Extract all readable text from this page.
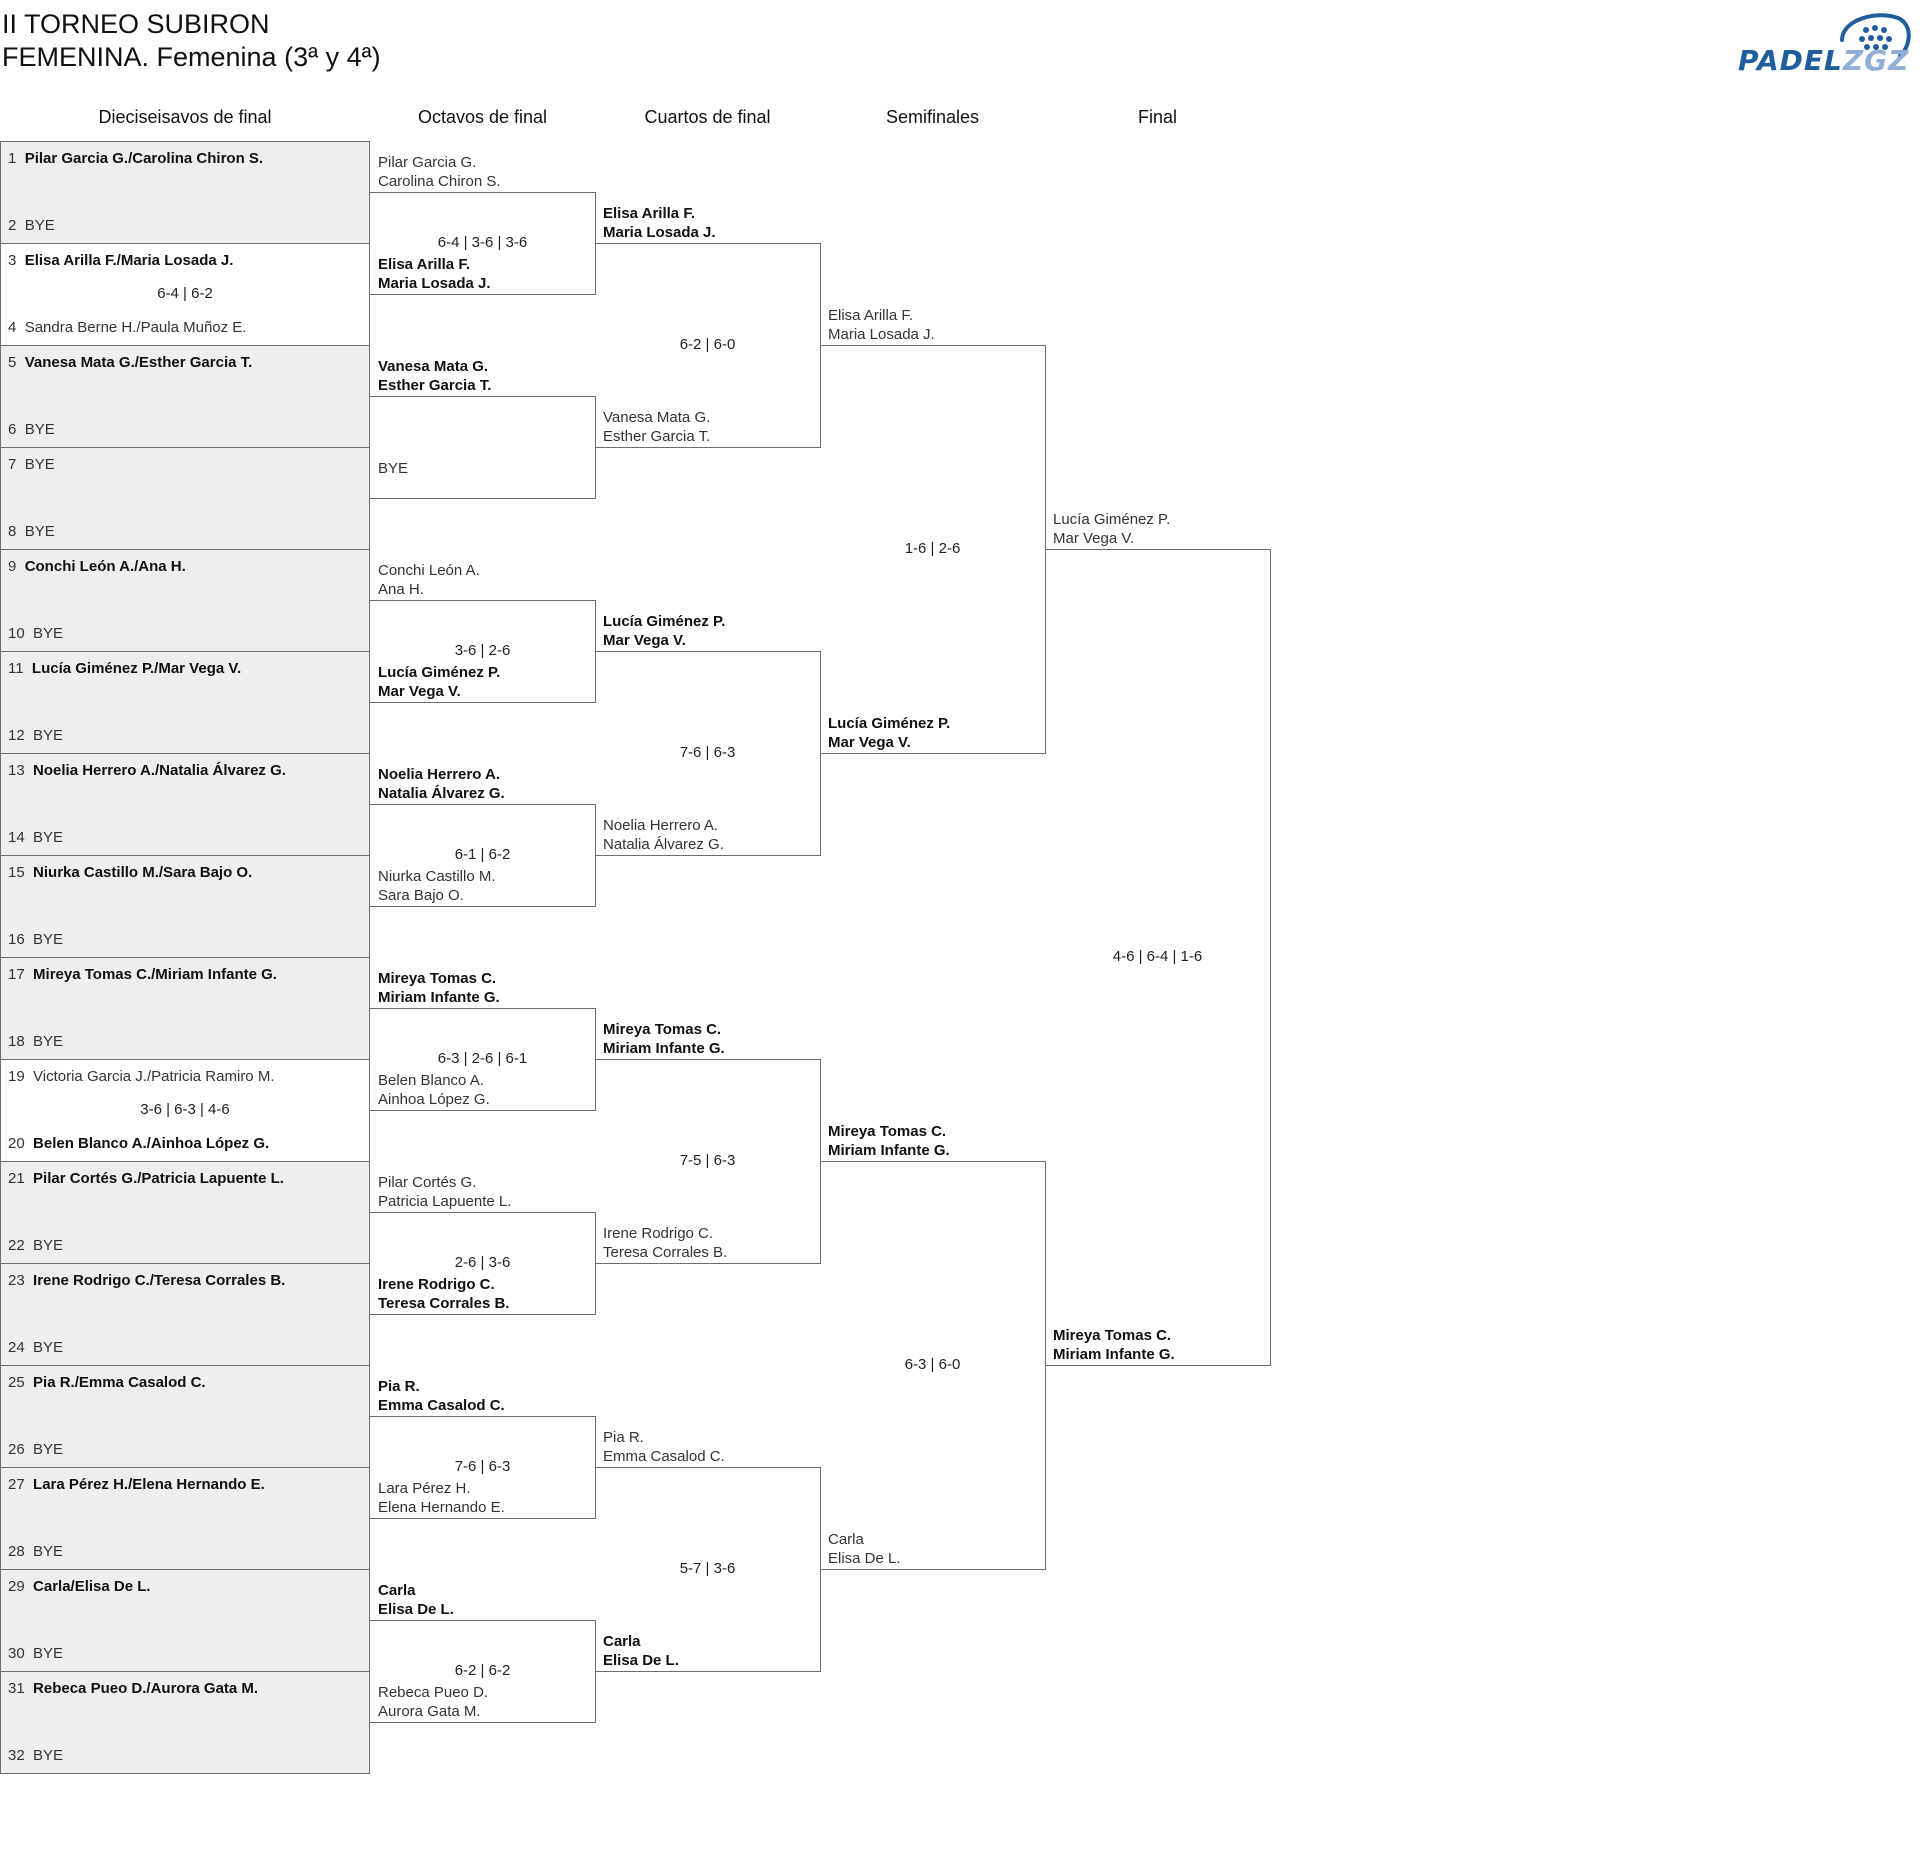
II TORNEO SUBIRON
FEMENINA. Femenina (3ª y 4ª)	PADELZGZ
Dieciseisavos de final	Octavos de final	Cuartos de final	Semifinales	Final
1  Pilar Garcia G./Carolina Chiron S.
2  BYE
3  Elisa Arilla F./Maria Losada J.
4  Sandra Berne H./Paula Muñoz E.
6-4 | 6-2
5  Vanesa Mata G./Esther Garcia T.
6  BYE
7  BYE
8  BYE
9  Conchi León A./Ana H.
10  BYE
11  Lucía Giménez P./Mar Vega V.
12  BYE
13  Noelia Herrero A./Natalia Álvarez G.
14  BYE
15  Niurka Castillo M./Sara Bajo O.
16  BYE
17  Mireya Tomas C./Miriam Infante G.
18  BYE
19  Victoria Garcia J./Patricia Ramiro M.
20  Belen Blanco A./Ainhoa López G.
3-6 | 6-3 | 4-6
21  Pilar Cortés G./Patricia Lapuente L.
22  BYE
23  Irene Rodrigo C./Teresa Corrales B.
24  BYE
25  Pia R./Emma Casalod C.
26  BYE
27  Lara Pérez H./Elena Hernando E.
28  BYE
29  Carla/Elisa De L.
30  BYE
31  Rebeca Pueo D./Aurora Gata M.
32  BYE
Pilar Garcia G.
Carolina Chiron S.
6-4 | 3-6 | 3-6
Elisa Arilla F.
Maria Losada J.
Vanesa Mata G.
Esther Garcia T.
BYE
Conchi León A.
Ana H.
3-6 | 2-6
Lucía Giménez P.
Mar Vega V.
Noelia Herrero A.
Natalia Álvarez G.
6-1 | 6-2
Niurka Castillo M.
Sara Bajo O.
Mireya Tomas C.
Miriam Infante G.
6-3 | 2-6 | 6-1
Belen Blanco A.
Ainhoa López G.
Pilar Cortés G.
Patricia Lapuente L.
2-6 | 3-6
Irene Rodrigo C.
Teresa Corrales B.
Pia R.
Emma Casalod C.
7-6 | 6-3
Lara Pérez H.
Elena Hernando E.
Carla
Elisa De L.
6-2 | 6-2
Rebeca Pueo D.
Aurora Gata M.
Elisa Arilla F.
Maria Losada J.
6-2 | 6-0
Vanesa Mata G.
Esther Garcia T.
Lucía Giménez P.
Mar Vega V.
7-6 | 6-3
Noelia Herrero A.
Natalia Álvarez G.
Mireya Tomas C.
Miriam Infante G.
7-5 | 6-3
Irene Rodrigo C.
Teresa Corrales B.
Pia R.
Emma Casalod C.
5-7 | 3-6
Carla
Elisa De L.
Elisa Arilla F.
Maria Losada J.
1-6 | 2-6
Lucía Giménez P.
Mar Vega V.
Mireya Tomas C.
Miriam Infante G.
6-3 | 6-0
Carla
Elisa De L.
Lucía Giménez P.
Mar Vega V.
4-6 | 6-4 | 1-6
Mireya Tomas C.
Miriam Infante G.
